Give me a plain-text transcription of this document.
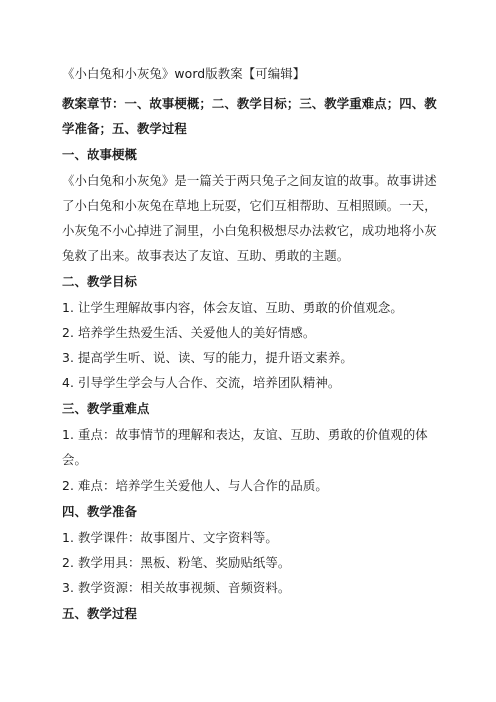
《小白兔和小灰兔》word版教案【可编辑】
教案章节：一、故事梗概；二、教学目标；三、教学重难点；四、教
学准备；五、教学过程
一、故事梗概
《小白兔和小灰兔》是一篇关于两只兔子之间友谊的故事。故事讲述
了小白兔和小灰兔在草地上玩耍，它们互相帮助、互相照顾。一天，
小灰兔不小心掉进了洞里，小白兔积极想尽办法救它，成功地将小灰
兔救了出来。故事表达了友谊、互助、勇敢的主题。
二、教学目标
1. 让学生理解故事内容，体会友谊、互助、勇敢的价值观念。
2. 培养学生热爱生活、关爱他人的美好情感。
3. 提高学生听、说、读、写的能力，提升语文素养。
4. 引导学生学会与人合作、交流，培养团队精神。
三、教学重难点
1. 重点：故事情节的理解和表达，友谊、互助、勇敢的价值观的体
会。
2. 难点：培养学生关爱他人、与人合作的品质。
四、教学准备
1. 教学课件：故事图片、文字资料等。
2. 教学用具：黑板、粉笔、奖励贴纸等。
3. 教学资源：相关故事视频、音频资料。
五、教学过程
